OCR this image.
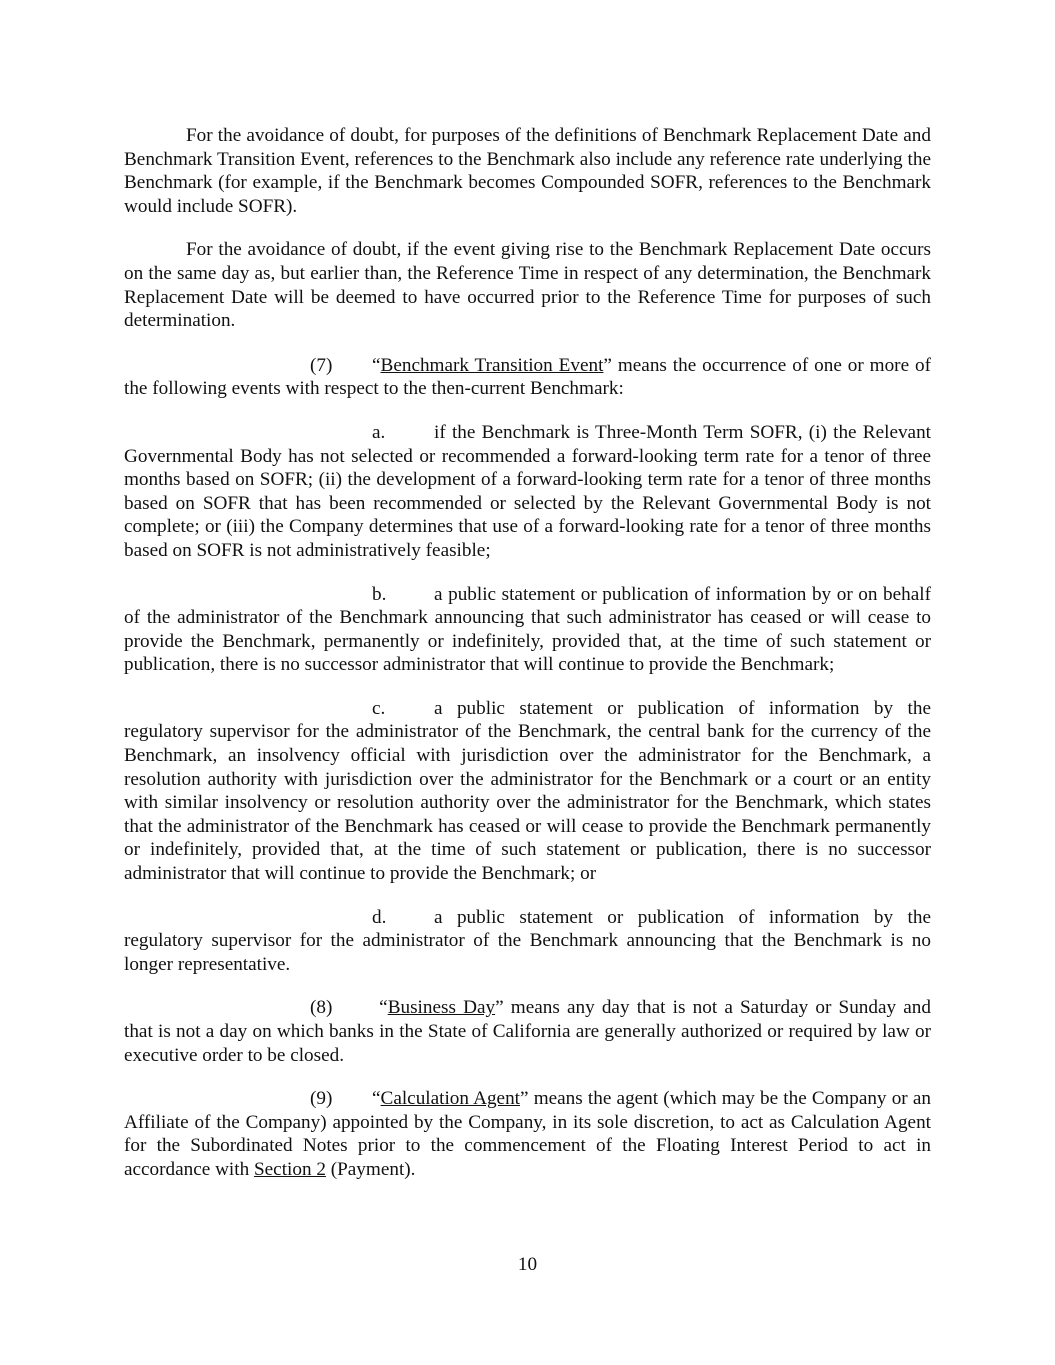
For the avoidance of doubt, for purposes of the definitions of Benchmark Replacement Date and Benchmark Transition Event, references to the Benchmark also include any reference rate underlying the Benchmark (for example, if the Benchmark becomes Compounded SOFR, references to the Benchmark would include SOFR).

For the avoidance of doubt, if the event giving rise to the Benchmark Replacement Date occurs on the same day as, but earlier than, the Reference Time in respect of any determination, the Benchmark Replacement Date will be deemed to have occurred prior to the Reference Time for purposes of such determination.

(7) “Benchmark Transition Event” means the occurrence of one or more of the following events with respect to the then-current Benchmark:

a.	if the Benchmark is Three-Month Term SOFR, (i) the Relevant Governmental Body has not selected or recommended a forward-looking term rate for a tenor of three months based on SOFR; (ii) the development of a forward-looking term rate for a tenor of three months based on SOFR that has been recommended or selected by the Relevant Governmental Body is not complete; or (iii) the Company determines that use of a forward-looking rate for a tenor of three months based on SOFR is not administratively feasible;

b. a public statement or publication of information by or on behalf of the administrator of the Benchmark announcing that such administrator has ceased or will cease to provide the Benchmark, permanently or indefinitely, provided that, at the time of such statement or publication, there is no successor administrator that will continue to provide the Benchmark;

c.	a public statement or publication of information by the regulatory supervisor for the administrator of the Benchmark, the central bank for the currency of the Benchmark, an insolvency official with jurisdiction over the administrator for the Benchmark, a resolution authority with jurisdiction over the administrator for the Benchmark or a court or an entity with similar insolvency or resolution authority over the administrator for the Benchmark, which states that the administrator of the Benchmark has ceased or will cease to provide the Benchmark permanently or indefinitely, provided that, at the time of such statement or publication, there is no successor administrator that will continue to provide the Benchmark; or

d. a public statement or publication of information by the regulatory supervisor for the administrator of the Benchmark announcing that the Benchmark is no longer representative.

(8) “Business Day” means any day that is not a Saturday or Sunday and that is not a day on which banks in the State of California are generally authorized or required by law or executive order to be closed.

(9) “Calculation Agent” means the agent (which may be the Company or an Affiliate of the Company) appointed by the Company, in its sole discretion, to act as Calculation Agent for the Subordinated Notes prior to the commencement of the Floating Interest Period to act in accordance with Section 2 (Payment).

10
